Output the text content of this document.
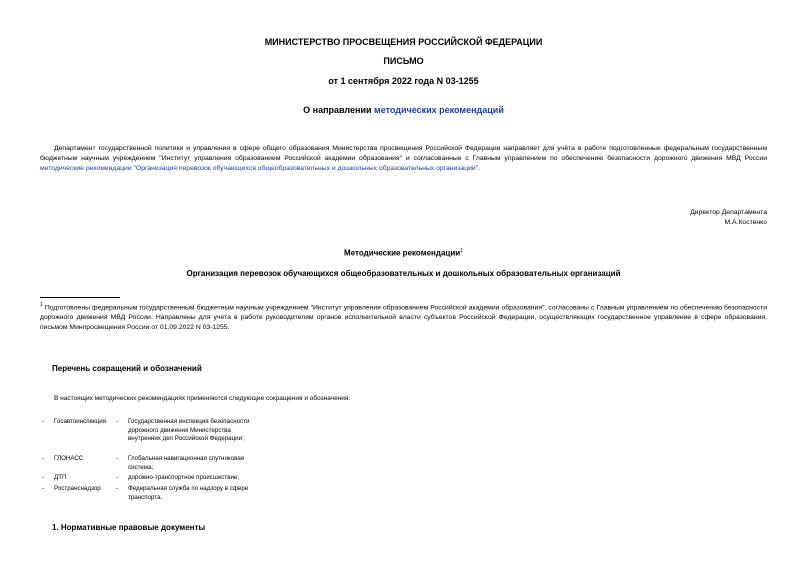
МИНИСТЕРСТВО ПРОСВЕЩЕНИЯ РОССИЙСКОЙ ФЕДЕРАЦИИ
ПИСЬМО
от 1 сентября 2022 года N 03-1255
О направлении методических рекомендаций
Департамент государственной политики и управления в сфере общего образования Министерства просвещения Российской Федерации направляет для учёта в работе подготовленные федеральным государственным бюджетным научным учреждением "Институт управления образованием Российской академии образования" и согласованные с Главным управлением по обеспечению безопасности дорожного движения МВД России методические рекомендации "Организация перевозок обучающихся общеобразовательных и дошкольных образовательных организаций".
Директор Департамента
М.А.Костенко
Методические рекомендации$^1$
Организация перевозок обучающихся общеобразовательных и дошкольных образовательных организаций
$^1$ Подготовлены федеральным государственным бюджетным научным учреждением "Институт управления образованием Российской академии образования", согласованы с Главным управлением по обеспечению безопасности дорожного движения МВД России. Направлены для учета в работе руководителям органов исполнительной власти субъектов Российской Федерации, осуществляющих государственное управление в сфере образования, письмом Минпросвещения России от 01.09.2022 N 03-1255.
Перечень сокращений и обозначений
В настоящих методических рекомендациях применяются следующие сокращения и обозначения:
- Госавтоинспекция	- Государственная инспекция безопасности дорожного движения Министерства внутренних дел Российской Федерации;
- ГЛОНАСС	- Глобальная навигационная спутниковая система;
- ДТП	- дорожно-транспортное происшествие;
- Ространснадзор	- Федеральная служба по надзору в сфере транспорта.
1. Нормативные правовые документы
